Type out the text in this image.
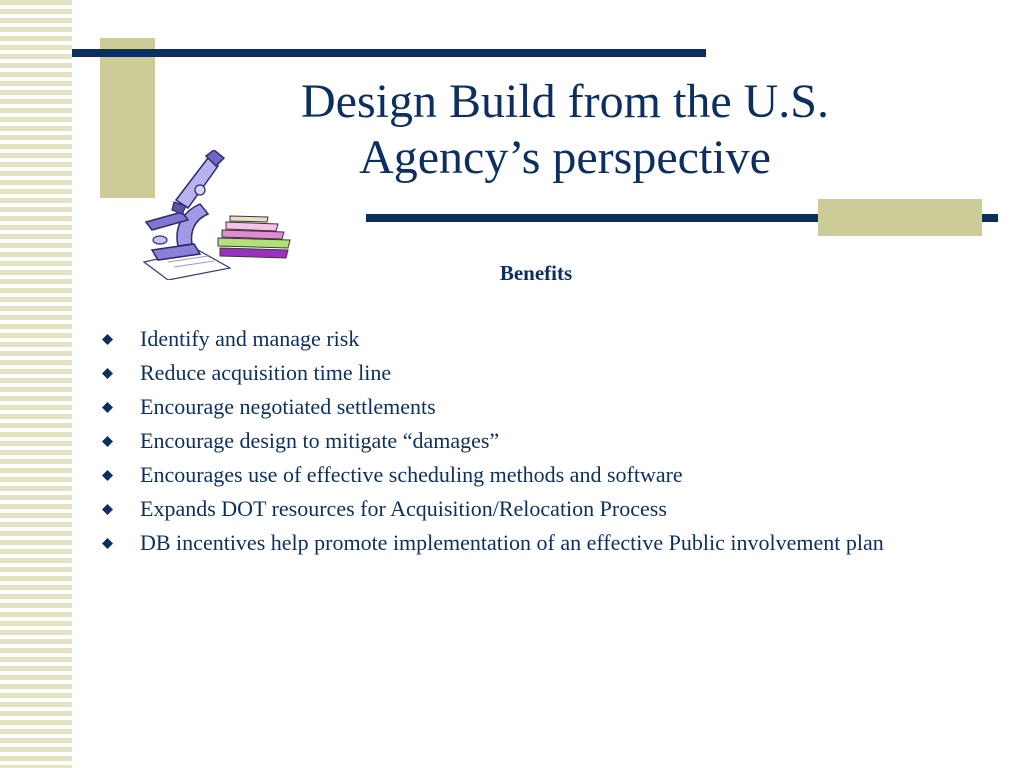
Design Build from the U.S.
Agency’s perspective
Benefits
Identify and manage risk
Reduce acquisition time line
Encourage negotiated settlements
Encourage design to mitigate “damages”
Encourages use of effective scheduling methods and software
Expands DOT resources for Acquisition/Relocation Process
DB incentives help promote implementation of an effective Public involvement plan
